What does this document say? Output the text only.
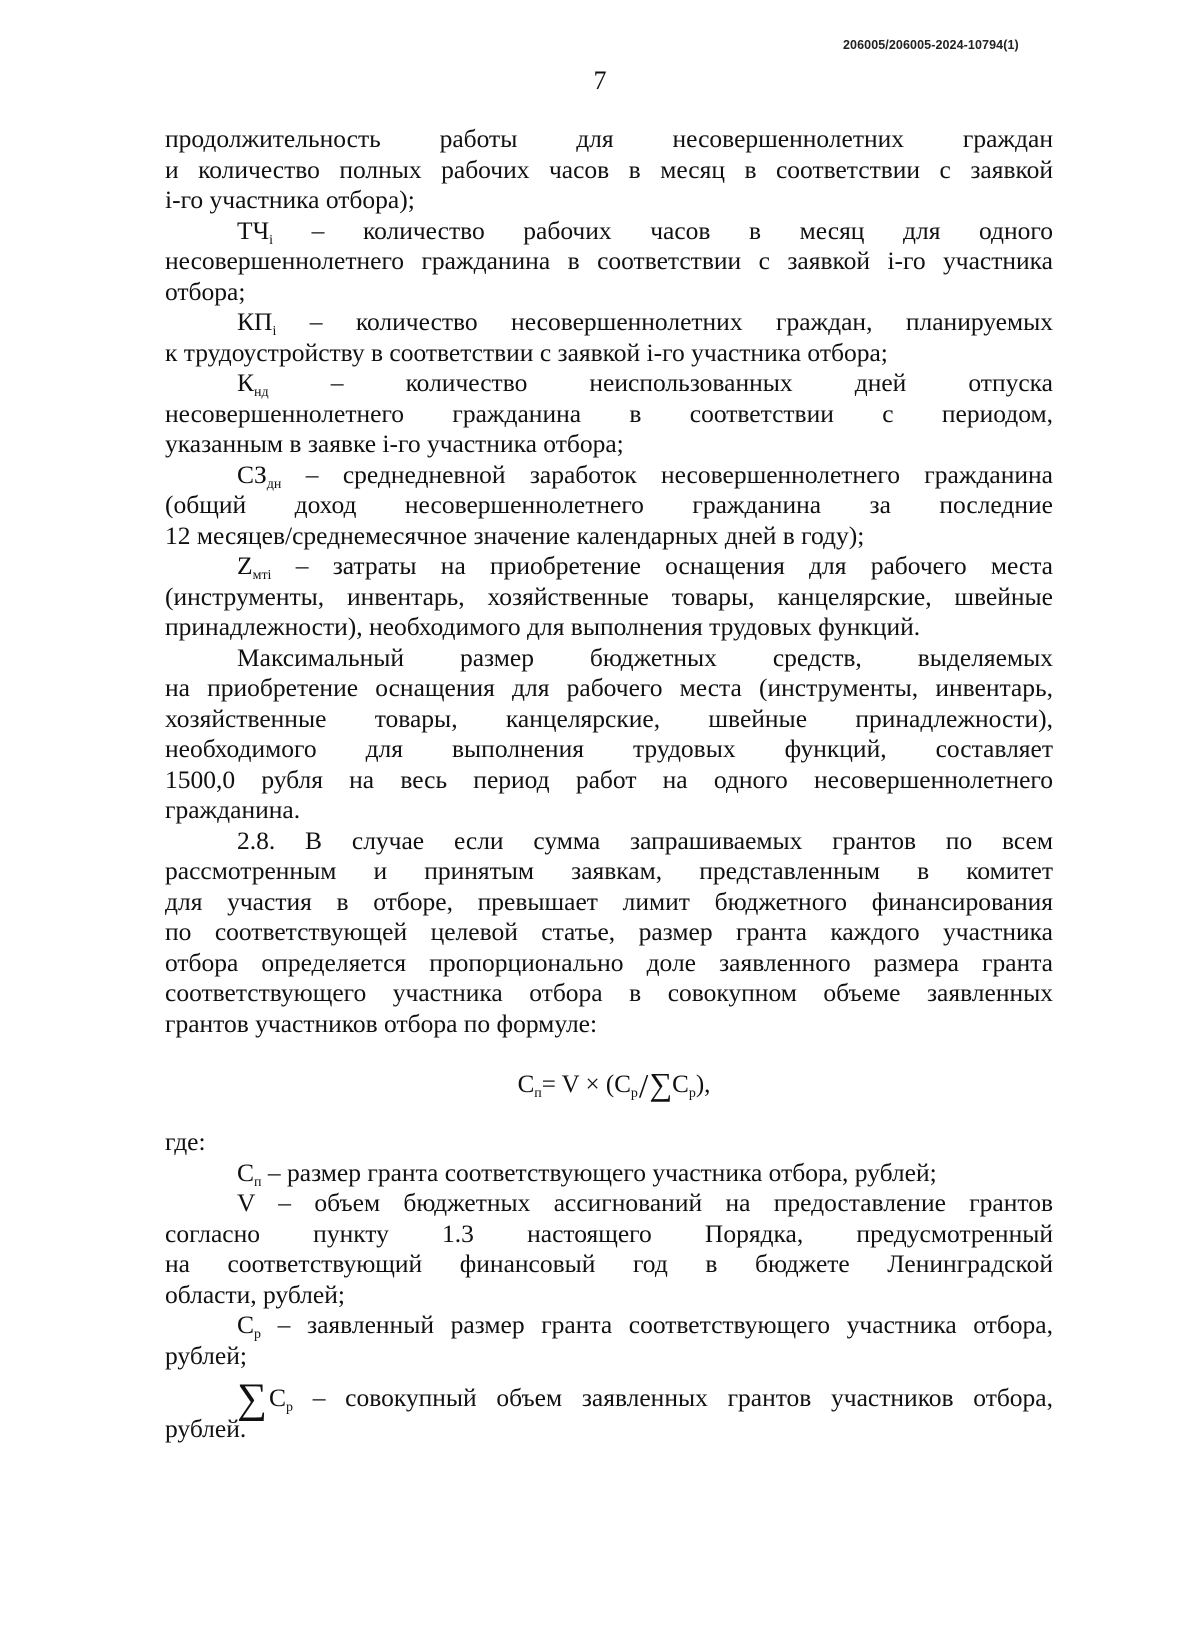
206005/206005-2024-10794(1)
7
продолжительность работы для несовершеннолетних граждан
и количество полных рабочих часов в месяц в соответствии с заявкой
i-го участника отбора);
$ТЧ_i$ – количество рабочих часов в месяц для одного
несовершеннолетнего гражданина в соответствии с заявкой i-го участника
отбора;
$КП_i$ – количество несовершеннолетних граждан, планируемых
к трудоустройству в соответствии с заявкой i-го участника отбора;
$К_{нд}$ – количество неиспользованных дней отпуска
несовершеннолетнего гражданина в соответствии с периодом,
указанным в заявке i-го участника отбора;
$СЗ_{дн}$ – среднедневной заработок несовершеннолетнего гражданина
(общий доход несовершеннолетнего гражданина за последние
12 месяцев/среднемесячное значение календарных дней в году);
$Z_{мтi}$ – затраты на приобретение оснащения для рабочего места
(инструменты, инвентарь, хозяйственные товары, канцелярские, швейные
принадлежности), необходимого для выполнения трудовых функций.
Максимальный размер бюджетных средств, выделяемых
на приобретение оснащения для рабочего места (инструменты, инвентарь,
хозяйственные товары, канцелярские, швейные принадлежности),
необходимого для выполнения трудовых функций, составляет
1500,0 рубля на весь период работ на одного несовершеннолетнего
гражданина.
2.8. В случае если сумма запрашиваемых грантов по всем
рассмотренным и принятым заявкам, представленным в комитет
для участия в отборе, превышает лимит бюджетного финансирования
по соответствующей целевой статье, размер гранта каждого участника
отбора определяется пропорционально доле заявленного размера гранта
соответствующего участника отбора в совокупном объеме заявленных
грантов участников отбора по формуле:
$С_п= V \times (С_р/\sum С_р)$,
где:
$С_п$ – размер гранта соответствующего участника отбора, рублей;
V – объем бюджетных ассигнований на предоставление грантов
согласно пункту 1.3 настоящего Порядка, предусмотренный
на соответствующий финансовый год в бюджете Ленинградской
области, рублей;
$С_р$ – заявленный размер гранта соответствующего участника отбора,
рублей;
$\sum С_р$ – совокупный объем заявленных грантов участников отбора,
рублей.
